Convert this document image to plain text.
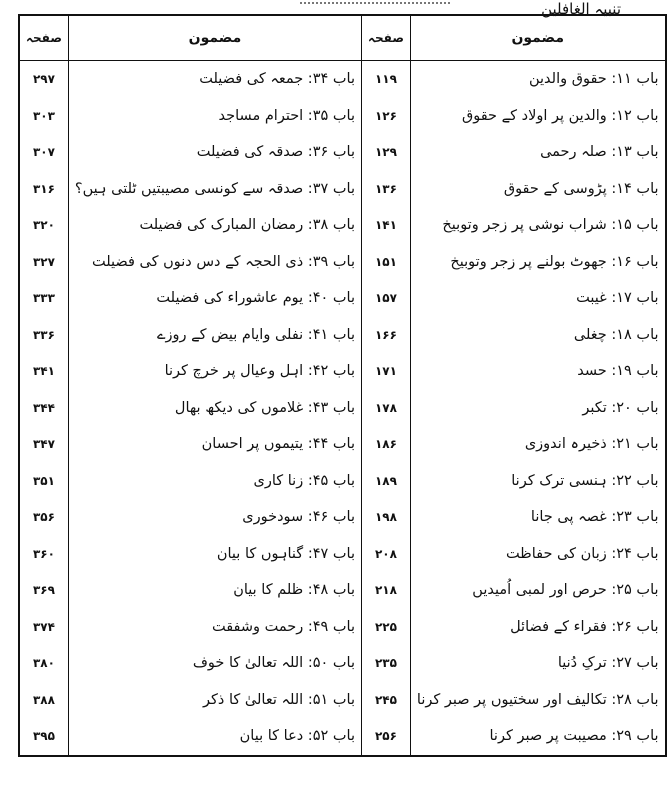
تنبیہ الغافلین
صفحہ	مضمون	صفحہ	مضمون
۲۹۷	باب ۳۴: جمعہ کی فضیلت	۱۱۹	باب ۱۱: حقوق والدین
۳۰۳	باب ۳۵: احترام مساجد	۱۲۶	باب ۱۲: والدین پر اولاد کے حقوق
۳۰۷	باب ۳۶: صدقہ کی فضیلت	۱۲۹	باب ۱۳: صلہ رحمی
۳۱۶	باب ۳۷: صدقہ سے کونسی مصیبتیں ٹلتی ہیں؟	۱۳۶	باب ۱۴: پڑوسی کے حقوق
۳۲۰	باب ۳۸: رمضان المبارک کی فضیلت	۱۴۱	باب ۱۵: شراب نوشی پر زجر وتوبیخ
۳۲۷	باب ۳۹: ذی الحجہ کے دس دنوں کی فضیلت	۱۵۱	باب ۱۶: جھوٹ بولنے پر زجر وتوبیخ
۳۳۳	باب ۴۰: یوم عاشوراء کی فضیلت	۱۵۷	باب ۱۷: غیبت
۳۳۶	باب ۴۱: نفلی وایام بیض کے روزے	۱۶۶	باب ۱۸: چغلی
۳۴۱	باب ۴۲: اہل وعیال پر خرچ کرنا	۱۷۱	باب ۱۹: حسد
۳۴۴	باب ۴۳: غلاموں کی دیکھ بھال	۱۷۸	باب ۲۰: تکبر
۳۴۷	باب ۴۴: یتیموں پر احسان	۱۸۶	باب ۲۱: ذخیرہ اندوزی
۳۵۱	باب ۴۵: زنا کاری	۱۸۹	باب ۲۲: ہنسی ترک کرنا
۳۵۶	باب ۴۶: سودخوری	۱۹۸	باب ۲۳: غصہ پی جانا
۳۶۰	باب ۴۷: گناہوں کا بیان	۲۰۸	باب ۲۴: زبان کی حفاظت
۳۶۹	باب ۴۸: ظلم کا بیان	۲۱۸	باب ۲۵: حرص اور لمبی اُمیدیں
۳۷۴	باب ۴۹: رحمت وشفقت	۲۲۵	باب ۲۶: فقراء کے فضائل
۳۸۰	باب ۵۰: اللہ تعالیٰ کا خوف	۲۳۵	باب ۲۷: ترکِ دُنیا
۳۸۸	باب ۵۱: اللہ تعالیٰ کا ذکر	۲۴۵	باب ۲۸: تکالیف اور سختیوں پر صبر کرنا
۳۹۵	باب ۵۲: دعا کا بیان	۲۵۶	باب ۲۹: مصیبت پر صبر کرنا
